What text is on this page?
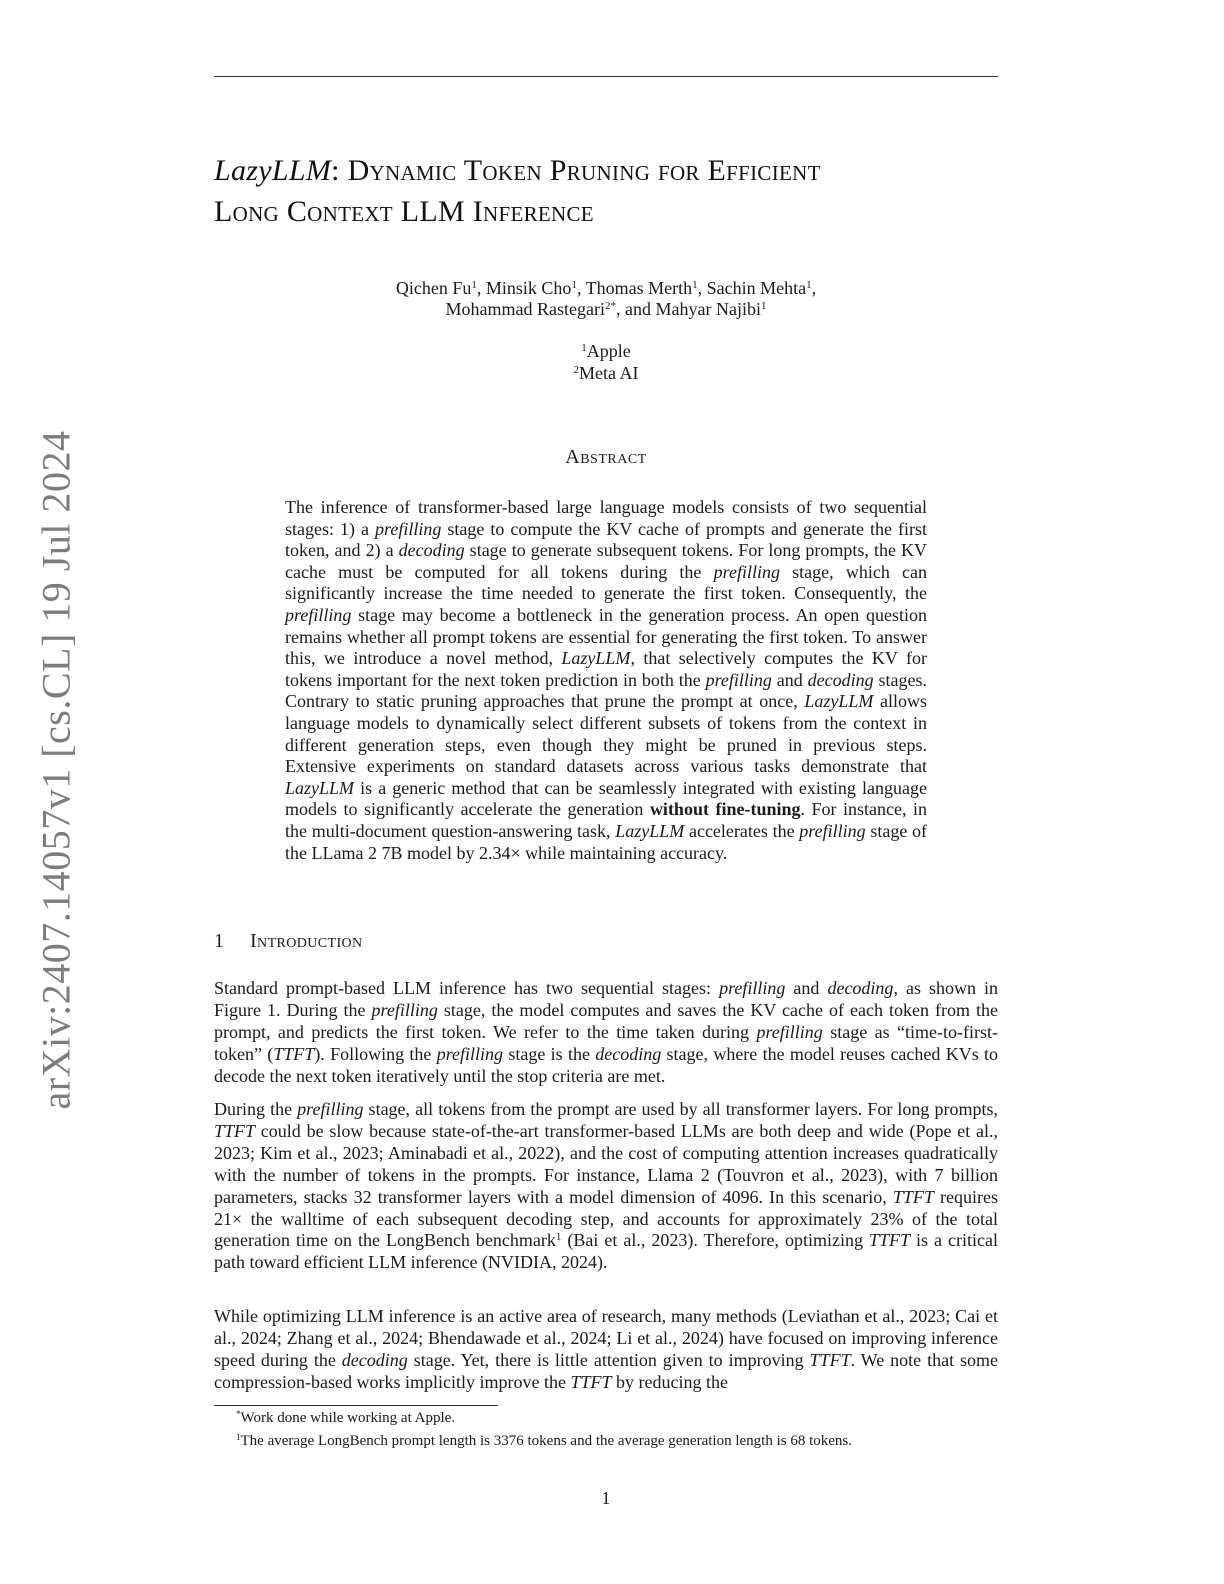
arXiv:2407.14057v1 [cs.CL] 19 Jul 2024
LazyLLM: Dynamic Token Pruning for Efficient
Long Context LLM Inference
Qichen Fu$^1$, Minsik Cho$^1$, Thomas Merth$^1$, Sachin Mehta$^1$,
Mohammad Rastegari$^{2*}$, and Mahyar Najibi$^1$
$^1$Apple
$^2$Meta AI
Abstract
The inference of transformer-based large language models consists of two sequential stages: 1) a prefilling stage to compute the KV cache of prompts and generate the first token, and 2) a decoding stage to generate subsequent tokens. For long prompts, the KV cache must be computed for all tokens during the prefilling stage, which can significantly increase the time needed to generate the first token. Consequently, the prefilling stage may become a bottleneck in the generation process. An open question remains whether all prompt tokens are essential for generating the first token. To answer this, we introduce a novel method, LazyLLM, that selectively computes the KV for tokens important for the next token prediction in both the prefilling and decoding stages. Contrary to static pruning approaches that prune the prompt at once, LazyLLM allows language models to dynamically select different subsets of tokens from the context in different generation steps, even though they might be pruned in previous steps. Extensive experiments on standard datasets across various tasks demonstrate that LazyLLM is a generic method that can be seamlessly integrated with existing language models to significantly accelerate the generation without fine-tuning. For instance, in the multi-document question-answering task, LazyLLM accelerates the prefilling stage of the LLama 2 7B model by 2.34× while maintaining accuracy.
1 Introduction

Standard prompt-based LLM inference has two sequential stages: prefilling and decoding, as shown in Figure 1. During the prefilling stage, the model computes and saves the KV cache of each token from the prompt, and predicts the first token. We refer to the time taken during prefilling stage as “time-to-first-token” (TTFT). Following the prefilling stage is the decoding stage, where the model reuses cached KVs to decode the next token iteratively until the stop criteria are met.

During the prefilling stage, all tokens from the prompt are used by all transformer layers. For long prompts, TTFT could be slow because state-of-the-art transformer-based LLMs are both deep and wide (Pope et al., 2023; Kim et al., 2023; Aminabadi et al., 2022), and the cost of computing attention increases quadratically with the number of tokens in the prompts. For instance, Llama 2 (Touvron et al., 2023), with 7 billion parameters, stacks 32 transformer layers with a model dimension of 4096. In this scenario, TTFT requires 21× the walltime of each subsequent decoding step, and accounts for approximately 23% of the total generation time on the LongBench benchmark$^1$ (Bai et al., 2023). Therefore, optimizing TTFT is a critical path toward efficient LLM inference (NVIDIA, 2024).

While optimizing LLM inference is an active area of research, many methods (Leviathan et al., 2023; Cai et al., 2024; Zhang et al., 2024; Bhendawade et al., 2024; Li et al., 2024) have focused on improving inference speed during the decoding stage. Yet, there is little attention given to improving TTFT. We note that some compression-based works implicitly improve the TTFT by reducing the

*Work done while working at Apple.
$^1$The average LongBench prompt length is 3376 tokens and the average generation length is 68 tokens.
1
